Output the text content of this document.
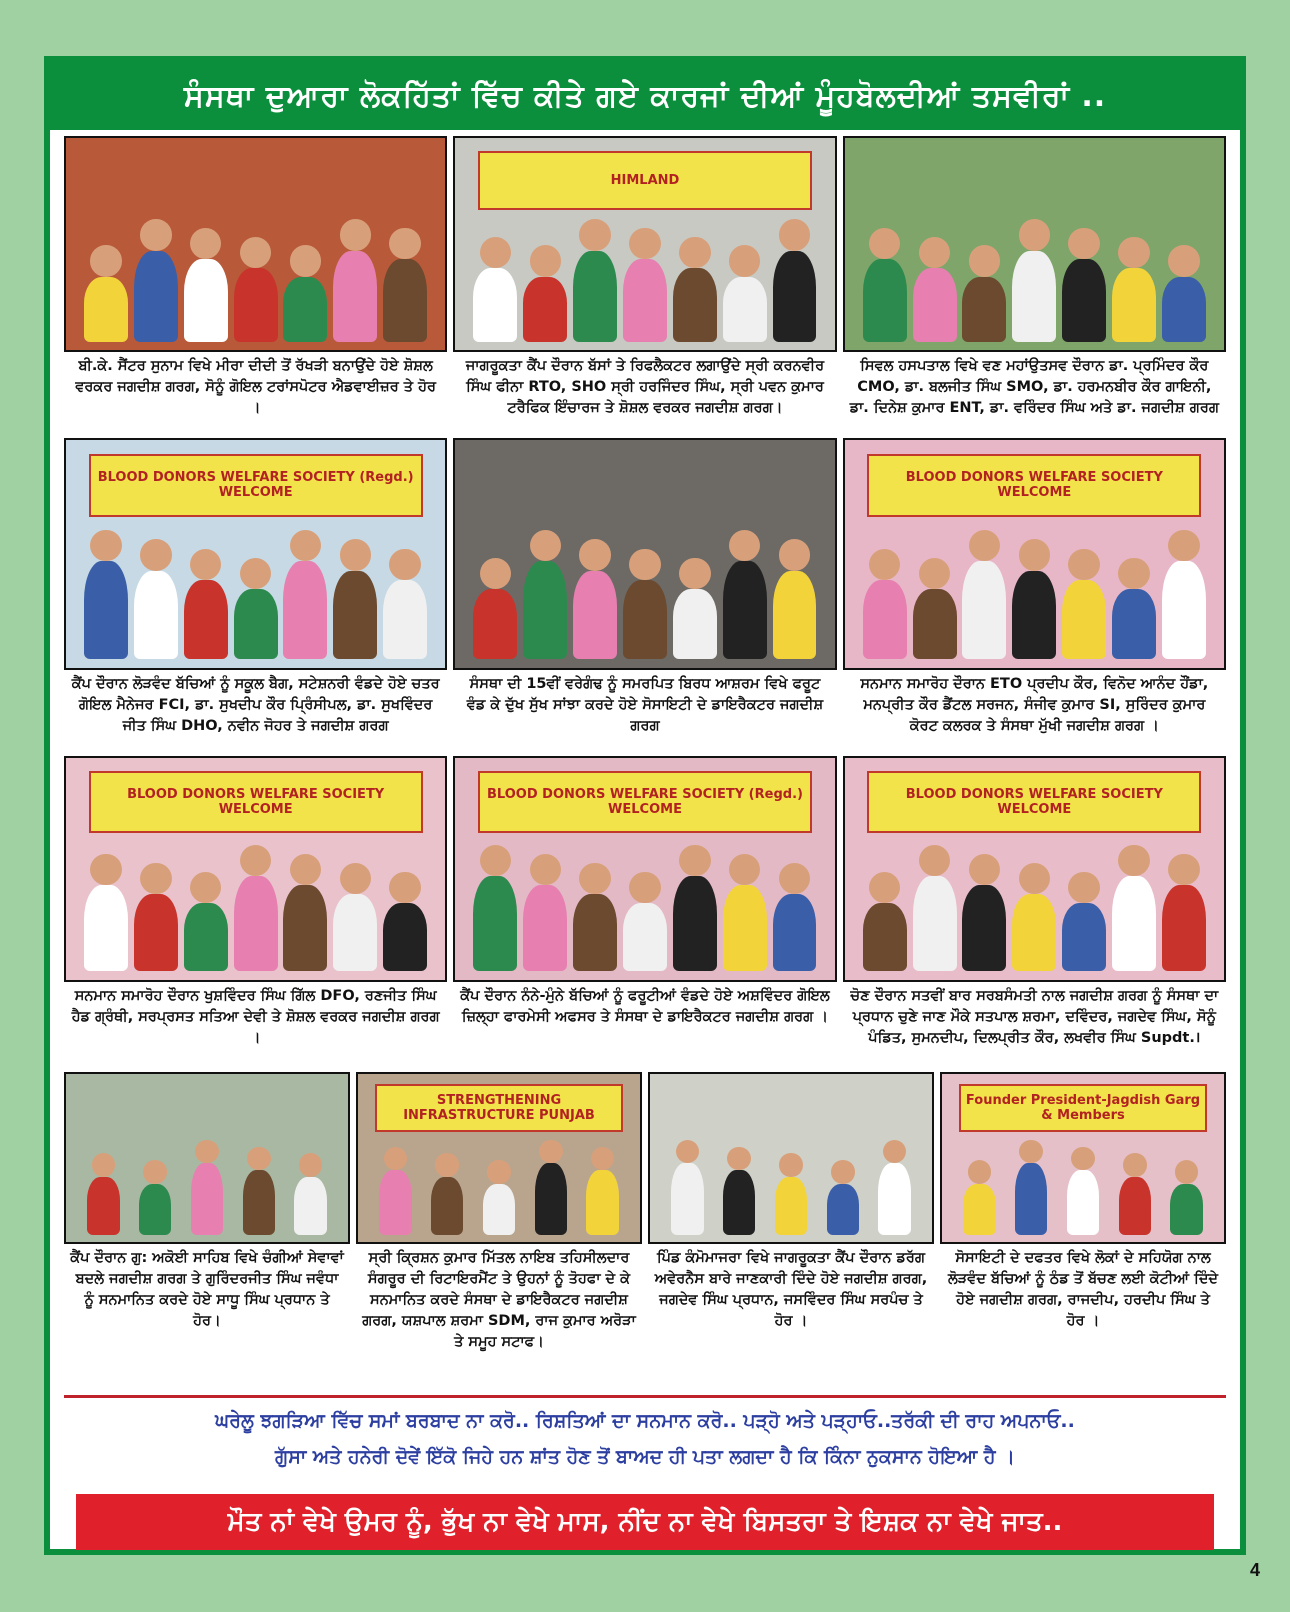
ਸੰਸਥਾ ਦੁਆਰਾ ਲੋਕਹਿੱਤਾਂ ਵਿੱਚ ਕੀਤੇ ਗਏ ਕਾਰਜਾਂ ਦੀਆਂ ਮੂੰਹਬੋਲਦੀਆਂ ਤਸਵੀਰਾਂ ..
ਬੀ.ਕੇ. ਸੈਂਟਰ ਸੁਨਾਮ ਵਿਖੇ ਮੀਰਾ ਦੀਦੀ ਤੋਂ ਰੱਖੜੀ ਬਨਾਉਂਦੇ ਹੋਏ ਸ਼ੋਸ਼ਲ ਵਰਕਰ ਜਗਦੀਸ਼ ਗਰਗ, ਸੋਨੂੰ ਗੋਇਲ ਟਰਾਂਸਪੋਟਰ ਐਡਵਾਈਜ਼ਰ ਤੇ ਹੋਰ ।
HIMLAND
ਜਾਗਰੂਕਤਾ ਕੈਂਪ ਦੌਰਾਨ ਬੱਸਾਂ ਤੇ ਰਿਫਲੈਕਟਰ ਲਗਾਉਂਦੇ ਸ੍ਰੀ ਕਰਨਵੀਰ ਸਿੰਘ ਫੀਨਾ RTO, SHO ਸ੍ਰੀ ਹਰਜਿੰਦਰ ਸਿੰਘ, ਸ੍ਰੀ ਪਵਨ ਕੁਮਾਰ ਟਰੈਫਿਕ ਇੰਚਾਰਜ ਤੇ ਸ਼ੋਸ਼ਲ ਵਰਕਰ ਜਗਦੀਸ਼ ਗਰਗ।
ਸਿਵਲ ਹਸਪਤਾਲ ਵਿਖੇ ਵਣ ਮਹਾਂਉਤਸਵ ਦੌਰਾਨ ਡਾ. ਪ੍ਰਮਿੰਦਰ ਕੌਰ CMO, ਡਾ. ਬਲਜੀਤ ਸਿੰਘ SMO, ਡਾ. ਹਰਮਨਬੀਰ ਕੌਰ ਗਾਇਨੀ, ਡਾ. ਦਿਨੇਸ਼ ਕੁਮਾਰ ENT, ਡਾ. ਵਰਿੰਦਰ ਸਿੰਘ ਅਤੇ ਡਾ. ਜਗਦੀਸ਼ ਗਰਗ
BLOOD DONORS WELFARE SOCIETY (Regd.) WELCOME
ਕੈਂਪ ਦੌਰਾਨ ਲੋੜਵੰਦ ਬੱਚਿਆਂ ਨੂੰ ਸਕੂਲ ਬੈਗ, ਸਟੇਸ਼ਨਰੀ ਵੰਡਦੇ ਹੋਏ ਚਤਰ ਗੋਇਲ ਮੈਨੇਜਰ FCI, ਡਾ. ਸੁਖਦੀਪ ਕੌਰ ਪ੍ਰਿੰਸੀਪਲ, ਡਾ. ਸੁਖਵਿੰਦਰ ਜੀਤ ਸਿੰਘ DHO, ਨਵੀਨ ਜੋਹਰ ਤੇ ਜਗਦੀਸ਼ ਗਰਗ
ਸੰਸਥਾ ਦੀ 15ਵੀਂ ਵਰੇਗੰਢ ਨੂੰ ਸਮਰਪਿਤ ਬਿਰਧ ਆਸ਼ਰਮ ਵਿਖੇ ਫਰੂਟ ਵੰਡ ਕੇ ਦੁੱਖ ਸੁੱਖ ਸਾਂਝਾ ਕਰਦੇ ਹੋਏ ਸੋਸਾਇਟੀ ਦੇ ਡਾਇਰੈਕਟਰ ਜਗਦੀਸ਼ ਗਰਗ
BLOOD DONORS WELFARE SOCIETY WELCOME
ਸਨਮਾਨ ਸਮਾਰੋਹ ਦੌਰਾਨ ETO ਪ੍ਰਦੀਪ ਕੌਰ, ਵਿਨੋਦ ਆਨੰਦ ਹੌਂਡਾ, ਮਨਪ੍ਰੀਤ ਕੌਰ ਡੈਂਟਲ ਸਰਜਨ, ਸੰਜੀਵ ਕੁਮਾਰ SI, ਸੁਰਿੰਦਰ ਕੁਮਾਰ ਕੋਰਟ ਕਲਰਕ ਤੇ ਸੰਸਥਾ ਮੁੱਖੀ ਜਗਦੀਸ਼ ਗਰਗ ।
BLOOD DONORS WELFARE SOCIETY WELCOME
ਸਨਮਾਨ ਸਮਾਰੋਹ ਦੌਰਾਨ ਖੁਸ਼ਵਿੰਦਰ ਸਿੰਘ ਗਿੱਲ DFO, ਰਣਜੀਤ ਸਿੰਘ ਹੈਡ ਗ੍ਰੰਥੀ, ਸਰਪ੍ਰਸਤ ਸਤਿਆ ਦੇਵੀ ਤੇ ਸ਼ੋਸ਼ਲ ਵਰਕਰ ਜਗਦੀਸ਼ ਗਰਗ ।
BLOOD DONORS WELFARE SOCIETY (Regd.) WELCOME
ਕੈਂਪ ਦੌਰਾਨ ਨੰਨੇ-ਮੁੰਨੇ ਬੱਚਿਆਂ ਨੂੰ ਫਰੂਟੀਆਂ ਵੰਡਦੇ ਹੋਏ ਅਸ਼ਵਿੰਦਰ ਗੋਇਲ ਜ਼ਿਲ੍ਹਾ ਫਾਰਮੇਸੀ ਅਫਸਰ ਤੇ ਸੰਸਥਾ ਦੇ ਡਾਇਰੈਕਟਰ ਜਗਦੀਸ਼ ਗਰਗ ।
BLOOD DONORS WELFARE SOCIETY WELCOME
ਚੋਣ ਦੌਰਾਨ ਸਤਵੀਂ ਬਾਰ ਸਰਬਸੰਮਤੀ ਨਾਲ ਜਗਦੀਸ਼ ਗਰਗ ਨੂੰ ਸੰਸਥਾ ਦਾ ਪ੍ਰਧਾਨ ਚੁਣੇ ਜਾਣ ਮੌਕੇ ਸਤਪਾਲ ਸ਼ਰਮਾ, ਦਵਿੰਦਰ, ਜਗਦੇਵ ਸਿੰਘ, ਸੋਨੂੰ ਪੰਡਿਤ, ਸੁਮਨਦੀਪ, ਦਿਲਪ੍ਰੀਤ ਕੌਰ, ਲਖਵੀਰ ਸਿੰਘ Supdt.।
ਕੈਂਪ ਦੌਰਾਨ ਗੁ: ਅਕੋਈ ਸਾਹਿਬ ਵਿਖੇ ਚੰਗੀਆਂ ਸੇਵਾਵਾਂ ਬਦਲੇ ਜਗਦੀਸ਼ ਗਰਗ ਤੇ ਗੁਰਿੰਦਰਜੀਤ ਸਿੰਘ ਜਵੰਧਾ ਨੂੰ ਸਨਮਾਨਿਤ ਕਰਦੇ ਹੋਏ ਸਾਧੂ ਸਿੰਘ ਪ੍ਰਧਾਨ ਤੇ ਹੋਰ।
STRENGTHENING INFRASTRUCTURE PUNJAB
ਸ੍ਰੀ ਕ੍ਰਿਸ਼ਨ ਕੁਮਾਰ ਮਿੱਤਲ ਨਾਇਬ ਤਹਿਸੀਲਦਾਰ ਸੰਗਰੂਰ ਦੀ ਰਿਟਾਇਰਮੈਂਟ ਤੇ ਉਹਨਾਂ ਨੂੰ ਤੋਹਫਾ ਦੇ ਕੇ ਸਨਮਾਨਿਤ ਕਰਦੇ ਸੰਸਥਾ ਦੇ ਡਾਇਰੈਕਟਰ ਜਗਦੀਸ਼ ਗਰਗ, ਯਸ਼ਪਾਲ ਸ਼ਰਮਾ SDM, ਰਾਜ ਕੁਮਾਰ ਅਰੋੜਾ ਤੇ ਸਮੂਹ ਸਟਾਫ।
ਪਿੰਡ ਕੰਮੋਮਾਜਰਾ ਵਿਖੇ ਜਾਗਰੂਕਤਾ ਕੈਂਪ ਦੌਰਾਨ ਡਰੱਗ ਅਵੇਰਨੈਸ ਬਾਰੇ ਜਾਣਕਾਰੀ ਦਿੰਦੇ ਹੋਏ ਜਗਦੀਸ਼ ਗਰਗ, ਜਗਦੇਵ ਸਿੰਘ ਪ੍ਰਧਾਨ, ਜਸਵਿੰਦਰ ਸਿੰਘ ਸਰਪੰਚ ਤੇ ਹੋਰ ।
Founder President-Jagdish Garg & Members
ਸੋਸਾਇਟੀ ਦੇ ਦਫਤਰ ਵਿਖੇ ਲੋਕਾਂ ਦੇ ਸਹਿਯੋਗ ਨਾਲ ਲੋੜਵੰਦ ਬੱਚਿਆਂ ਨੂੰ ਠੰਡ ਤੋਂ ਬੱਚਣ ਲਈ ਕੋਟੀਆਂ ਦਿੰਦੇ ਹੋਏ ਜਗਦੀਸ਼ ਗਰਗ, ਰਾਜਦੀਪ, ਹਰਦੀਪ ਸਿੰਘ ਤੇ ਹੋਰ ।
ਘਰੇਲੂ ਝਗੜਿਆ ਵਿੱਚ ਸਮਾਂ ਬਰਬਾਦ ਨਾ ਕਰੋ.. ਰਿਸ਼ਤਿਆਂ ਦਾ ਸਨਮਾਨ ਕਰੋ.. ਪੜ੍ਹੋ ਅਤੇ ਪੜ੍ਹਾਓ..ਤਰੱਕੀ ਦੀ ਰਾਹ ਅਪਨਾਓ..
ਗੁੱਸਾ ਅਤੇ ਹਨੇਰੀ ਦੋਵੇਂ ਇੱਕੋ ਜਿਹੇ ਹਨ ਸ਼ਾਂਤ ਹੋਣ ਤੋਂ ਬਾਅਦ ਹੀ ਪਤਾ ਲਗਦਾ ਹੈ ਕਿ ਕਿੰਨਾ ਨੁਕਸਾਨ ਹੋਇਆ ਹੈ ।
ਮੌਤ ਨਾਂ ਵੇਖੇ ਉਮਰ ਨੂੰ, ਭੁੱਖ ਨਾ ਵੇਖੇ ਮਾਸ, ਨੀਂਦ ਨਾ ਵੇਖੇ ਬਿਸਤਰਾ ਤੇ ਇਸ਼ਕ ਨਾ ਵੇਖੇ ਜਾਤ..
4
